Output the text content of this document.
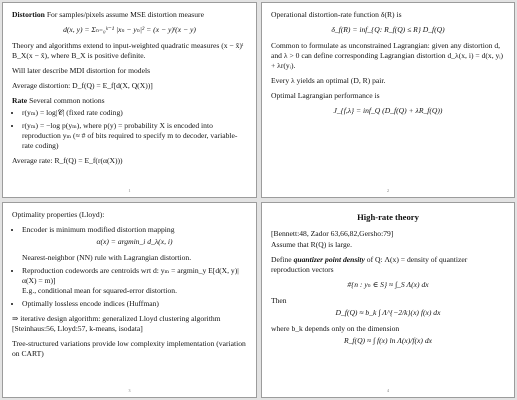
Distortion For samples/pixels assume MSE distortion measure

d(x, y) = Σₙ₌₀ᵏ⁻¹ |xₙ − yₙ|² = (x − y)ᵗ(x − y)

Theory and algorithms extend to input-weighted quadratic measures (x − x̂)ᵗ B_X(x − x̂), where B_X is positive definite.

Will later describe MDI distortion for models

Average distortion: D_f(Q) = E_f[d(X, Q(X))]

Rate Several common notions

• r(yₘ) = log|𝒞| (fixed rate coding)
• r(yₘ) = −log p(yₘ), where p(y) = probability X is encoded into reproduction yₘ (≈ # of bits required to specify m to decoder, variable-rate coding)

Average rate: R_f(Q) = E_f(r(α(X)))

1

Operational distortion-rate function δ(R) is

δ_f(R) = inf_{Q: R_f(Q) ≤ R} D_f(Q)

Common to formulate as unconstrained Lagrangian: given any distortion d, and λ > 0 can define corresponding Lagrangian distortion d_λ(x, i) = d(x, yᵢ) + λr(yᵢ).

Every λ yields an optimal (D, R) pair.

Optimal Lagrangian performance is

J_{f,λ} = inf_Q (D_f(Q) + λR_f(Q))
2

Optimality properties (Lloyd):

• Encoder is minimum modified distortion mapping
α(x) = argmin_i d_λ(x, i)
Nearest-neighbor (NN) rule with Lagrangian distortion.
• Reproduction codewords are centroids wrt d: yₘ = argmin_y E[d(X, y)|α(X) = m)]
E.g., conditional mean for squared-error distortion.
• Optimally lossless encode indices (Huffman)

⇒ iterative design algorithm: generalized Lloyd clustering algorithm [Steinhaus:56, Lloyd:57, k-means, isodata]

Tree-structured variations provide low complexity implementation (variation on CART)

3
High-rate theory

[Bennett:48, Zador 63,66,82,Gersho:79]

Assume that R(Q) is large.

Define quantizer point density of Q: Λ(x) = density of quantizer reproduction vectors

#{n : yₙ ∈ S} ≈ ∫_S Λ(x) dx

Then

D_f(Q) ≈ b_k ∫ Λ^{−2/k}(x) f(x) dx

where b_k depends only on the dimension

R_f(Q) ≈ ∫ f(x) ln Λ(x)/f(x) dx
4
